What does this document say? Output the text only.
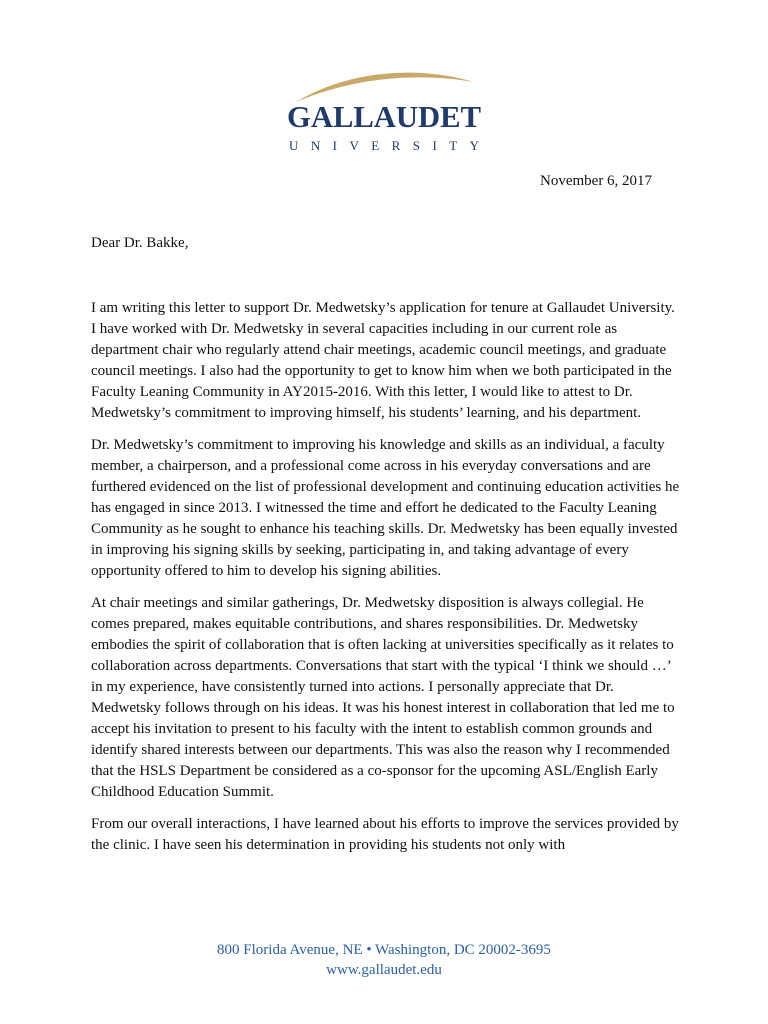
GALLAUDET
UNIVERSITY
November 6, 2017
Dear Dr. Bakke,

I am writing this letter to support Dr. Medwetsky’s application for tenure at Gallaudet University. I have worked with Dr. Medwetsky in several capacities including in our current role as department chair who regularly attend chair meetings, academic council meetings, and graduate council meetings. I also had the opportunity to get to know him when we both participated in the Faculty Leaning Community in AY2015-2016. With this letter, I would like to attest to Dr. Medwetsky’s commitment to improving himself, his students’ learning, and his department.

Dr. Medwetsky’s commitment to improving his knowledge and skills as an individual, a faculty member, a chairperson, and a professional come across in his everyday conversations and are furthered evidenced on the list of professional development and continuing education activities he has engaged in since 2013. I witnessed the time and effort he dedicated to the Faculty Leaning Community as he sought to enhance his teaching skills. Dr. Medwetsky has been equally invested in improving his signing skills by seeking, participating in, and taking advantage of every opportunity offered to him to develop his signing abilities.

At chair meetings and similar gatherings, Dr. Medwetsky disposition is always collegial. He comes prepared, makes equitable contributions, and shares responsibilities. Dr. Medwetsky embodies the spirit of collaboration that is often lacking at universities specifically as it relates to collaboration across departments. Conversations that start with the typical ‘I think we should …’ in my experience, have consistently turned into actions. I personally appreciate that Dr. Medwetsky follows through on his ideas. It was his honest interest in collaboration that led me to accept his invitation to present to his faculty with the intent to establish common grounds and identify shared interests between our departments. This was also the reason why I recommended that the HSLS Department be considered as a co-sponsor for the upcoming ASL/English Early Childhood Education Summit.

From our overall interactions, I have learned about his efforts to improve the services provided by the clinic. I have seen his determination in providing his students not only with

800 Florida Avenue, NE • Washington, DC 20002-3695
www.gallaudet.edu
